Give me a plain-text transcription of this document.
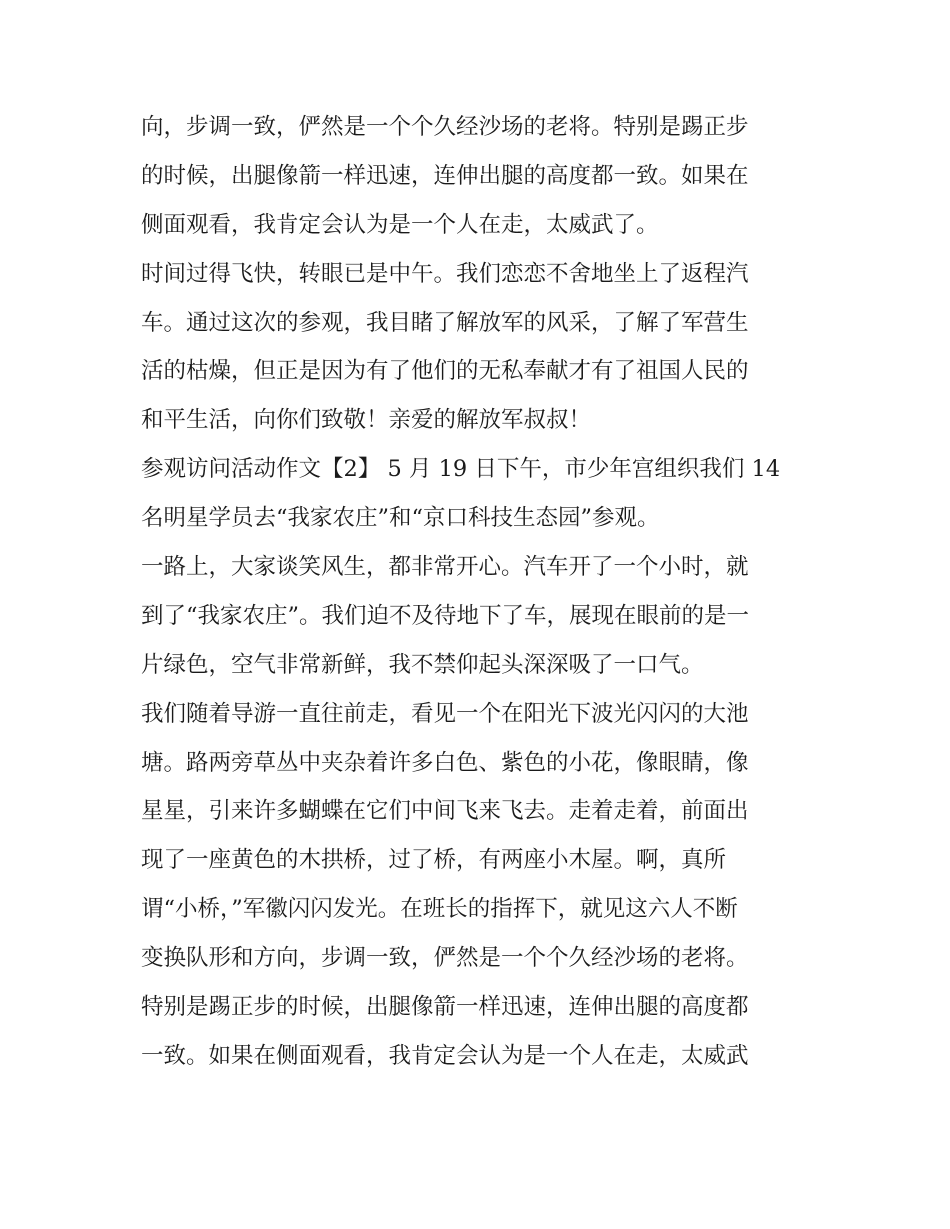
向，步调一致，俨然是一个个久经沙场的老将。特别是踢正步
的时候，出腿像箭一样迅速，连伸出腿的高度都一致。如果在
侧面观看，我肯定会认为是一个人在走，太威武了。
时间过得飞快，转眼已是中午。我们恋恋不舍地坐上了返程汽
车。通过这次的参观，我目睹了解放军的风采，了解了军营生
活的枯燥，但正是因为有了他们的无私奉献才有了祖国人民的
和平生活，向你们致敬！亲爱的解放军叔叔！
参观访问活动作文【2】 5 月 19 日下午，市少年宫组织我们 14
名明星学员去“我家农庄”和“京口科技生态园”参观。
一路上，大家谈笑风生，都非常开心。汽车开了一个小时，就
到了“我家农庄”。我们迫不及待地下了车，展现在眼前的是一
片绿色，空气非常新鲜，我不禁仰起头深深吸了一口气。
我们随着导游一直往前走，看见一个在阳光下波光闪闪的大池
塘。路两旁草丛中夹杂着许多白色、紫色的小花，像眼睛，像
星星，引来许多蝴蝶在它们中间飞来飞去。走着走着，前面出
现了一座黄色的木拱桥，过了桥，有两座小木屋。啊，真所
谓“小桥，”军徽闪闪发光。在班长的指挥下，就见这六人不断
变换队形和方向，步调一致，俨然是一个个久经沙场的老将。
特别是踢正步的时候，出腿像箭一样迅速，连伸出腿的高度都
一致。如果在侧面观看，我肯定会认为是一个人在走，太威武
